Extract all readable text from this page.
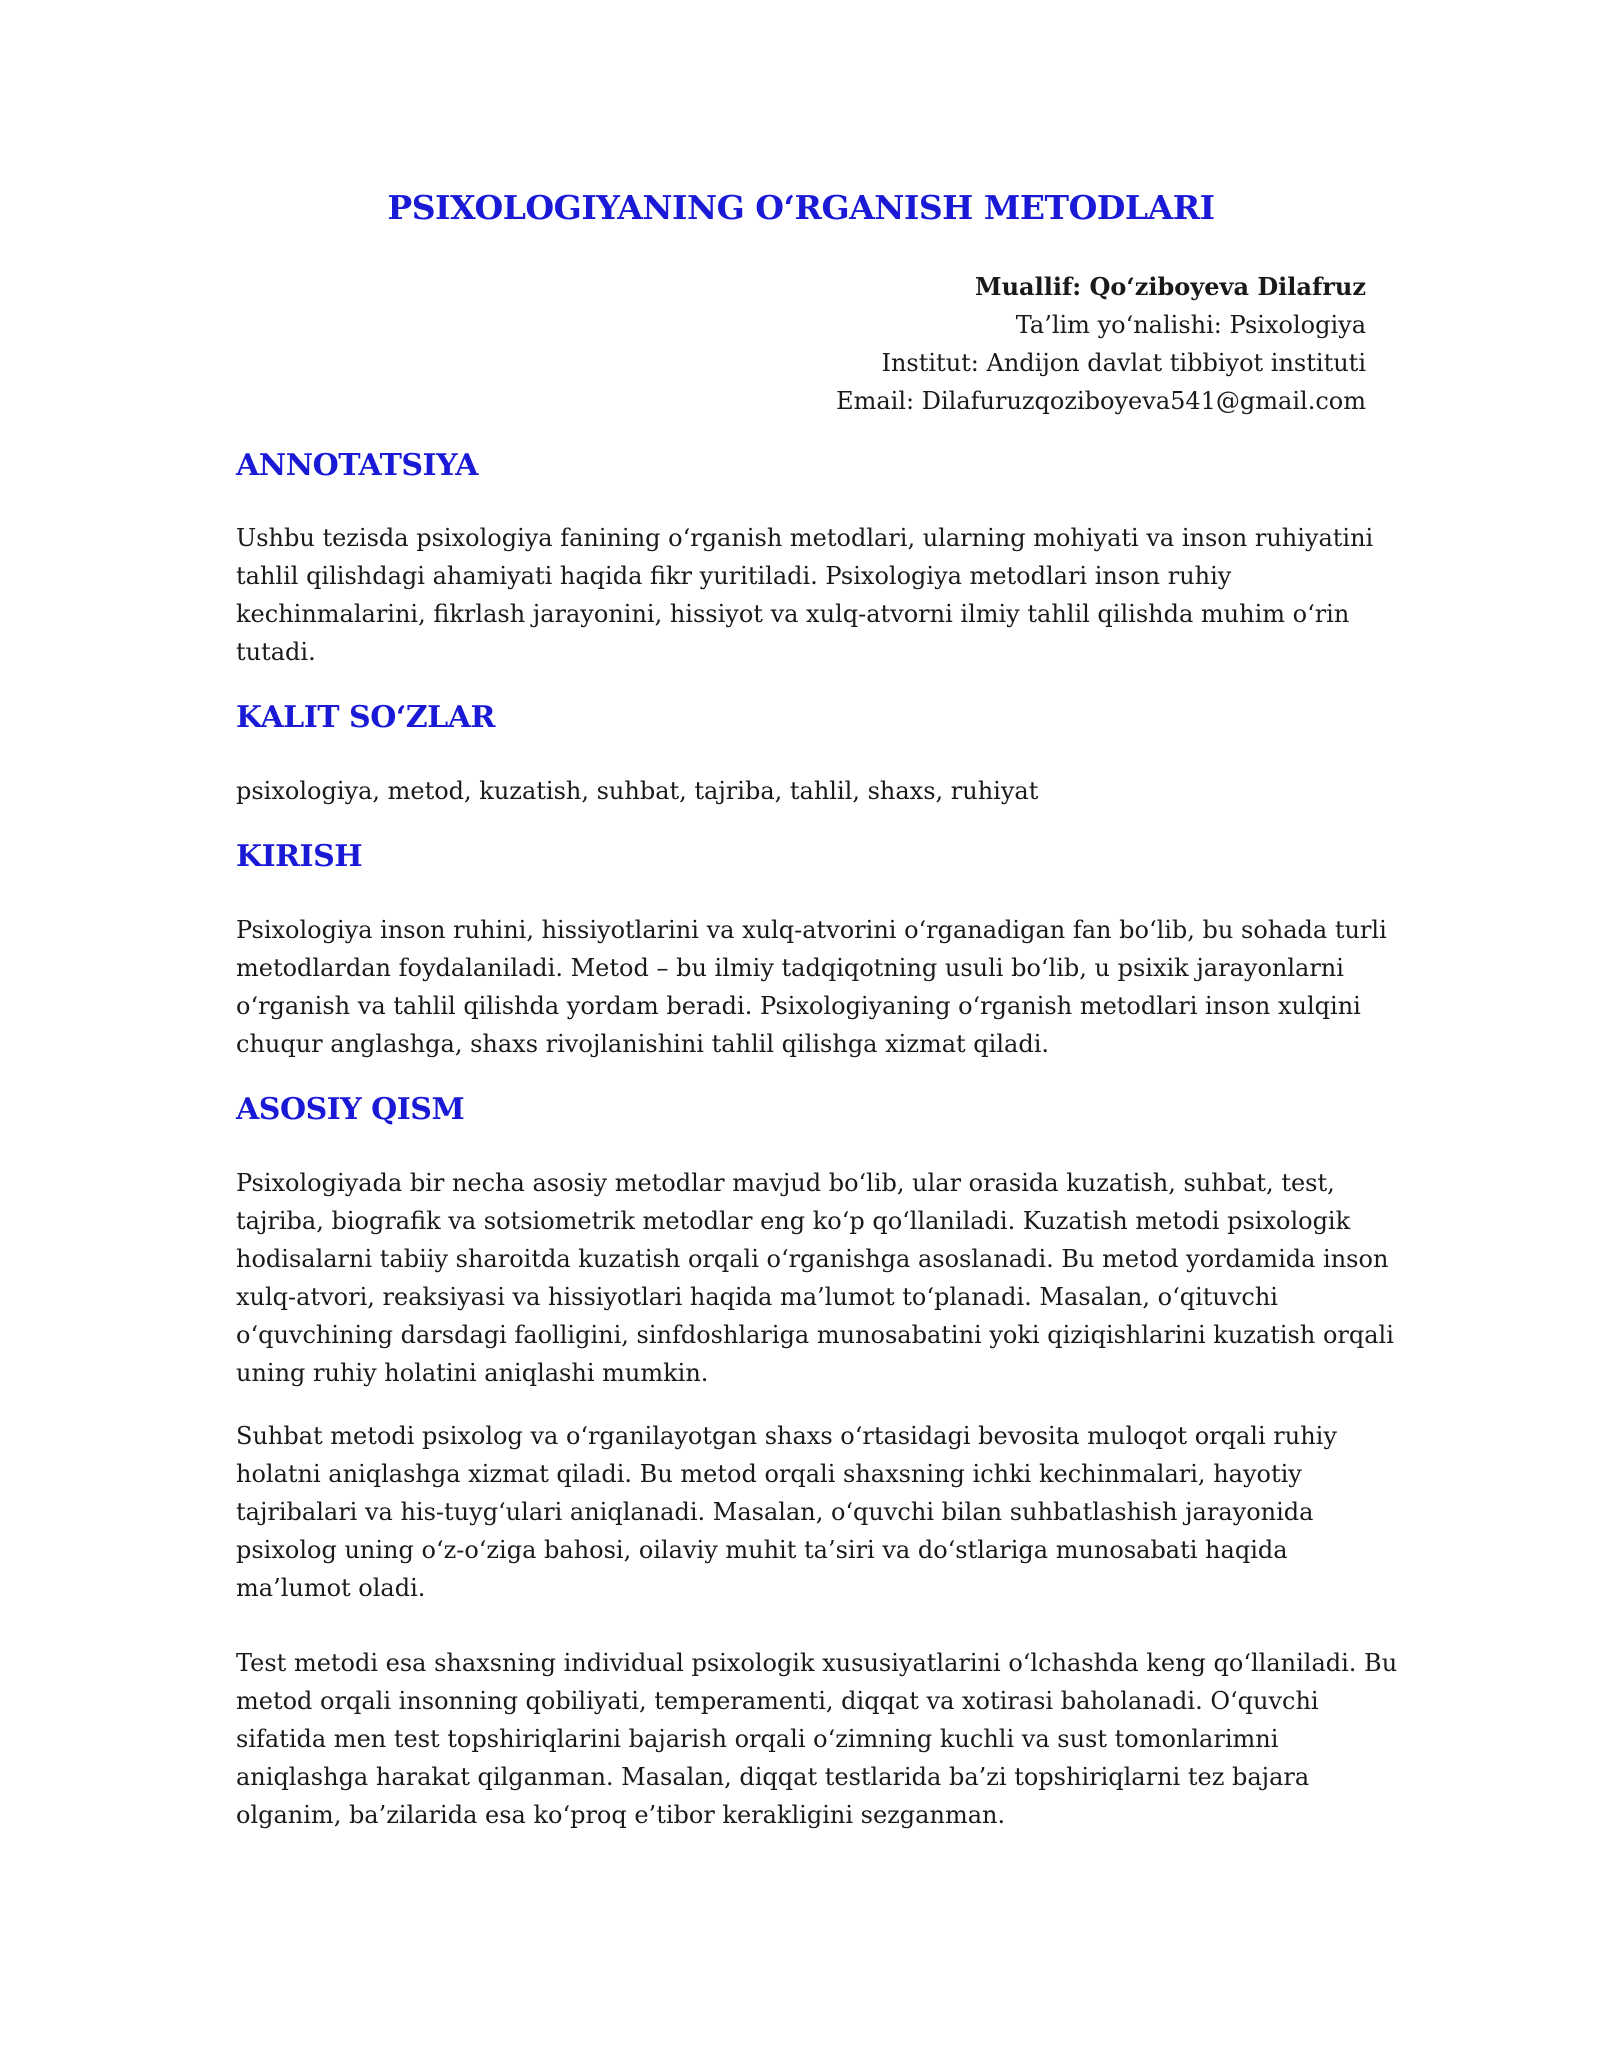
PSIXOLOGIYANING O‘RGANISH METODLARI
Muallif: Qo‘ziboyeva Dilafruz
Ta’lim yo‘nalishi: Psixologiya
Institut: Andijon davlat tibbiyot instituti
Email: Dilafuruzqoziboyeva541@gmail.com
ANNOTATSIYA

Ushbu tezisda psixologiya fanining o‘rganish metodlari, ularning mohiyati va inson ruhiyatini
tahlil qilishdagi ahamiyati haqida fikr yuritiladi. Psixologiya metodlari inson ruhiy
kechinmalarini, fikrlash jarayonini, hissiyot va xulq-atvorni ilmiy tahlil qilishda muhim o‘rin
tutadi.

KALIT SO‘ZLAR

psixologiya, metod, kuzatish, suhbat, tajriba, tahlil, shaxs, ruhiyat

KIRISH

Psixologiya inson ruhini, hissiyotlarini va xulq-atvorini o‘rganadigan fan bo‘lib, bu sohada turli
metodlardan foydalaniladi. Metod – bu ilmiy tadqiqotning usuli bo‘lib, u psixik jarayonlarni
o‘rganish va tahlil qilishda yordam beradi. Psixologiyaning o‘rganish metodlari inson xulqini
chuqur anglashga, shaxs rivojlanishini tahlil qilishga xizmat qiladi.

ASOSIY QISM

Psixologiyada bir necha asosiy metodlar mavjud bo‘lib, ular orasida kuzatish, suhbat, test,
tajriba, biografik va sotsiometrik metodlar eng ko‘p qo‘llaniladi. Kuzatish metodi psixologik
hodisalarni tabiiy sharoitda kuzatish orqali o‘rganishga asoslanadi. Bu metod yordamida inson
xulq-atvori, reaksiyasi va hissiyotlari haqida ma’lumot to‘planadi. Masalan, o‘qituvchi
o‘quvchining darsdagi faolligini, sinfdoshlariga munosabatini yoki qiziqishlarini kuzatish orqali
uning ruhiy holatini aniqlashi mumkin.

Suhbat metodi psixolog va o‘rganilayotgan shaxs o‘rtasidagi bevosita muloqot orqali ruhiy
holatni aniqlashga xizmat qiladi. Bu metod orqali shaxsning ichki kechinmalari, hayotiy
tajribalari va his-tuyg‘ulari aniqlanadi. Masalan, o‘quvchi bilan suhbatlashish jarayonida
psixolog uning o‘z-o‘ziga bahosi, oilaviy muhit ta’siri va do‘stlariga munosabati haqida
ma’lumot oladi.

Test metodi esa shaxsning individual psixologik xususiyatlarini o‘lchashda keng qo‘llaniladi. Bu
metod orqali insonning qobiliyati, temperamenti, diqqat va xotirasi baholanadi. O‘quvchi
sifatida men test topshiriqlarini bajarish orqali o‘zimning kuchli va sust tomonlarimni
aniqlashga harakat qilganman. Masalan, diqqat testlarida ba’zi topshiriqlarni tez bajara
olganim, ba’zilarida esa ko‘proq e’tibor kerakligini sezganman.
